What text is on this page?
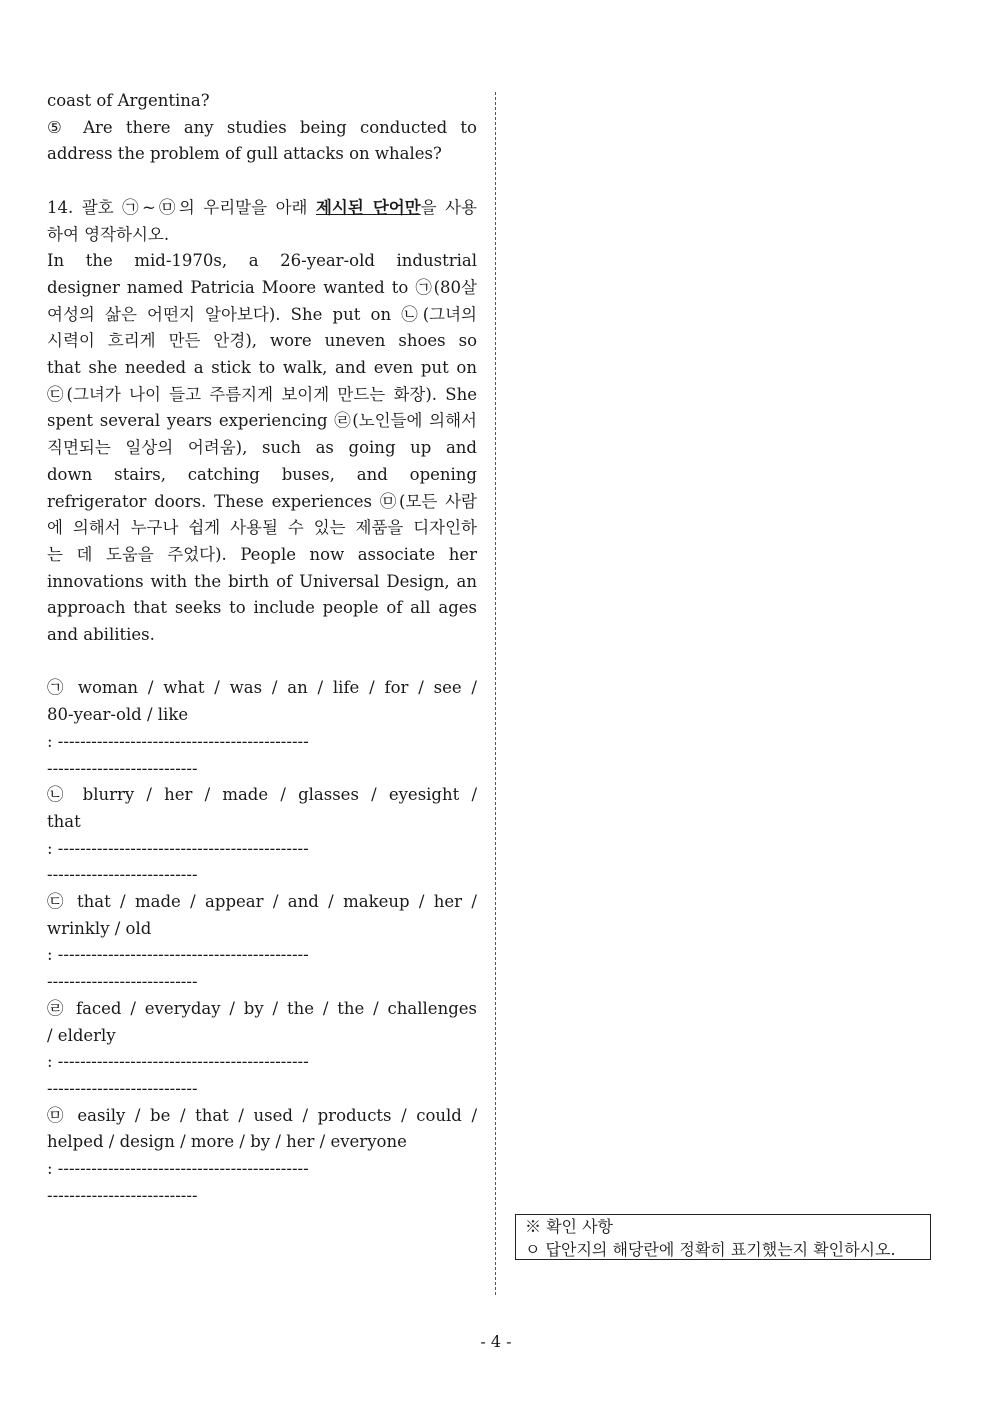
coast of Argentina?
⑤ Are there any studies being conducted to
address the problem of gull attacks on whales?
14. 괄호 ㉠~㉤의 우리말을 아래 제시된 단어만을 사용
하여 영작하시오.
In the mid-1970s, a 26-year-old industrial
designer named Patricia Moore wanted to ㉠(80살
여성의 삶은 어떤지 알아보다). She put on ㉡(그녀의
시력이 흐리게 만든 안경), wore uneven shoes so
that she needed a stick to walk, and even put on
㉢(그녀가 나이 들고 주름지게 보이게 만드는 화장). She
spent several years experiencing ㉣(노인들에 의해서
직면되는 일상의 어려움), such as going up and
down stairs, catching buses, and opening
refrigerator doors. These experiences ㉤(모든 사람
에 의해서 누구나 쉽게 사용될 수 있는 제품을 디자인하
는 데 도움을 주었다). People now associate her
innovations with the birth of Universal Design, an
approach that seeks to include people of all ages
and abilities.
㉠ woman / what / was / an / life / for / see /
80-year-old / like
: ---------------------------------------------
---------------------------
㉡ blurry / her / made / glasses / eyesight /
that
: ---------------------------------------------
---------------------------
㉢ that / made / appear / and / makeup / her /
wrinkly / old
: ---------------------------------------------
---------------------------
㉣ faced / everyday / by / the / the / challenges
/ elderly
: ---------------------------------------------
---------------------------
㉤ easily / be / that / used / products / could /
helped / design / more / by / her / everyone
: ---------------------------------------------
---------------------------
※ 확인 사항
ㅇ 답안지의 해당란에 정확히 표기했는지 확인하시오.
- 4 -
